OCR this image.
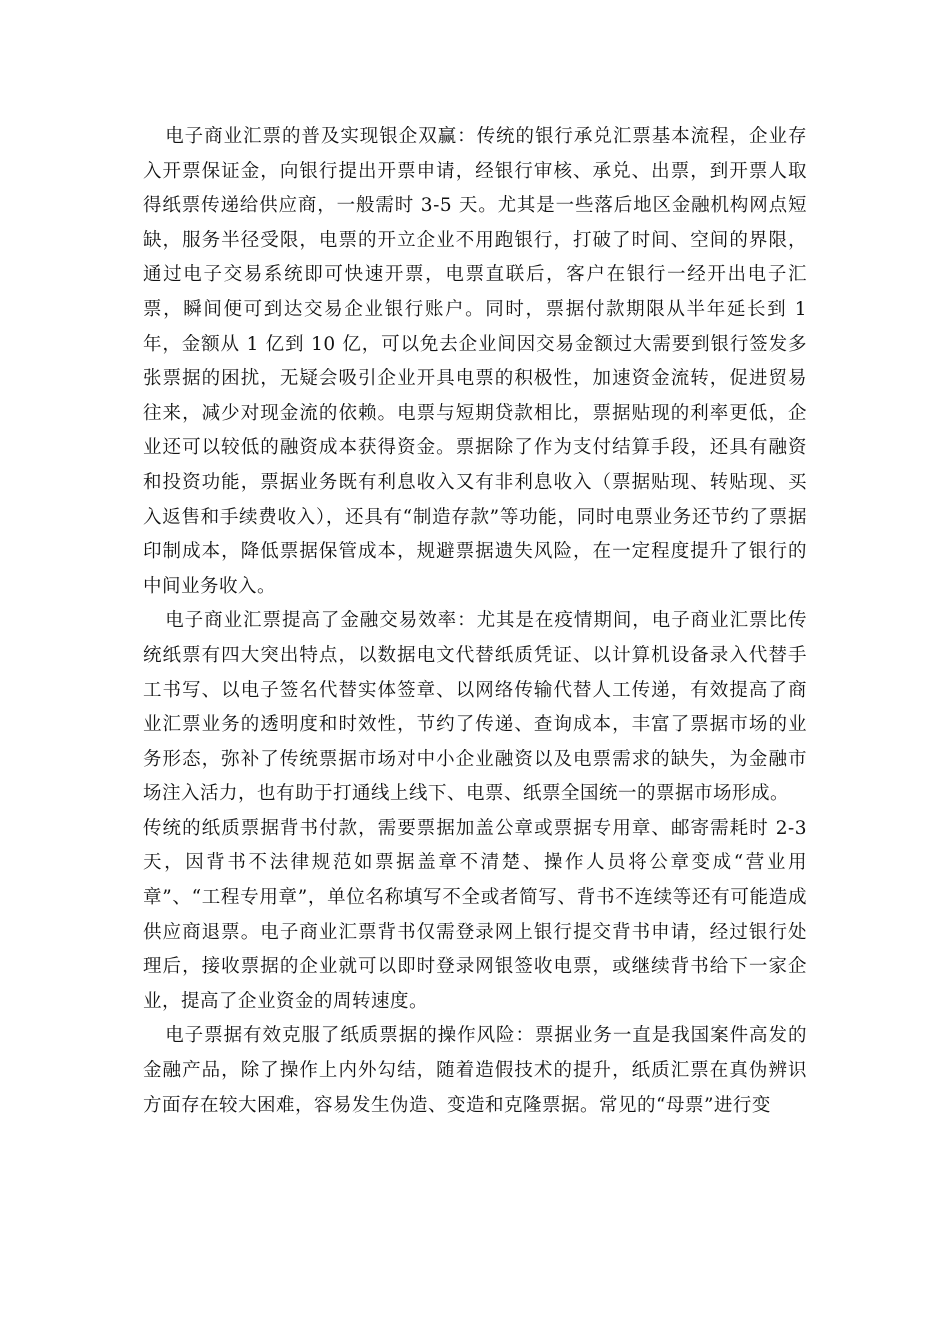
电子商业汇票的普及实现银企双赢：传统的银行承兑汇票基本流程，企业存入开票保证金，向银行提出开票申请，经银行审核、承兑、出票，到开票人取得纸票传递给供应商，一般需时 3-5 天。尤其是一些落后地区金融机构网点短缺，服务半径受限，电票的开立企业不用跑银行，打破了时间、空间的界限，通过电子交易系统即可快速开票，电票直联后，客户在银行一经开出电子汇票，瞬间便可到达交易企业银行账户。同时，票据付款期限从半年延长到 1 年，金额从 1 亿到 10 亿，可以免去企业间因交易金额过大需要到银行签发多张票据的困扰，无疑会吸引企业开具电票的积极性，加速资金流转，促进贸易往来，减少对现金流的依赖。电票与短期贷款相比，票据贴现的利率更低，企业还可以较低的融资成本获得资金。票据除了作为支付结算手段，还具有融资和投资功能，票据业务既有利息收入又有非利息收入（票据贴现、转贴现、买入返售和手续费收入），还具有“制造存款”等功能，同时电票业务还节约了票据印制成本，降低票据保管成本，规避票据遗失风险，在一定程度提升了银行的中间业务收入。

电子商业汇票提高了金融交易效率：尤其是在疫情期间，电子商业汇票比传统纸票有四大突出特点，以数据电文代替纸质凭证、以计算机设备录入代替手工书写、以电子签名代替实体签章、以网络传输代替人工传递，有效提高了商业汇票业务的透明度和时效性，节约了传递、查询成本，丰富了票据市场的业务形态，弥补了传统票据市场对中小企业融资以及电票需求的缺失，为金融市场注入活力，也有助于打通线上线下、电票、纸票全国统一的票据市场形成。

传统的纸质票据背书付款，需要票据加盖公章或票据专用章、邮寄需耗时 2-3 天，因背书不法律规范如票据盖章不清楚、操作人员将公章变成“营业用章”、“工程专用章”，单位名称填写不全或者简写、背书不连续等还有可能造成供应商退票。电子商业汇票背书仅需登录网上银行提交背书申请，经过银行处理后，接收票据的企业就可以即时登录网银签收电票，或继续背书给下一家企业，提高了企业资金的周转速度。

电子票据有效克服了纸质票据的操作风险：票据业务一直是我国案件高发的金融产品，除了操作上内外勾结，随着造假技术的提升，纸质汇票在真伪辨识方面存在较大困难，容易发生伪造、变造和克隆票据。常见的“母票”进行变
